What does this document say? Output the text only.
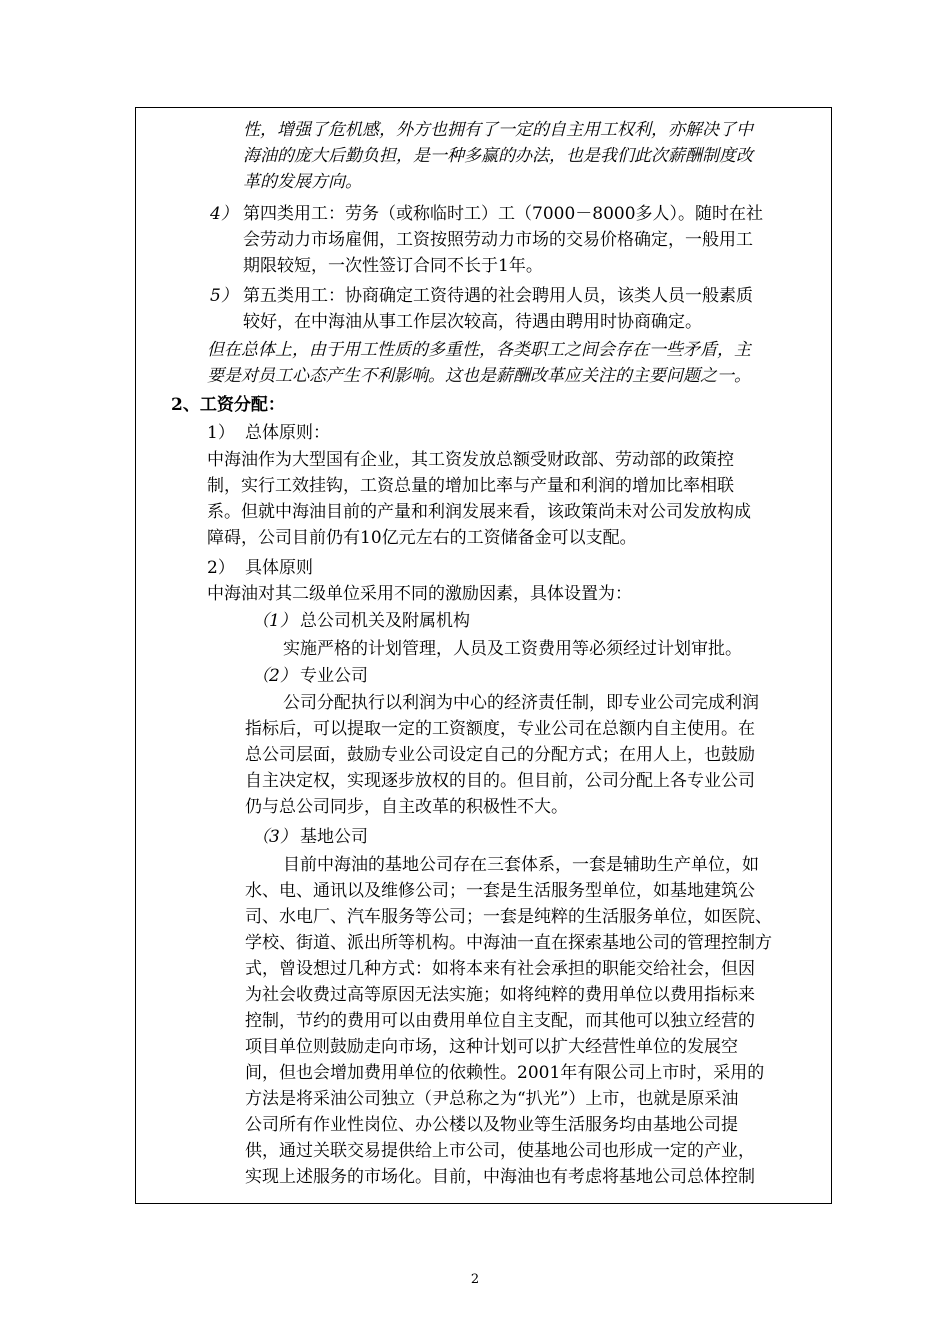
性，增强了危机感，外方也拥有了一定的自主用工权利，亦解决了中
海油的庞大后勤负担，是一种多赢的办法，也是我们此次薪酬制度改
革的发展方向。
4） 第四类用工：劳务（或称临时工）工（7000－8000多人）。随时在社
会劳动力市场雇佣，工资按照劳动力市场的交易价格确定，一般用工
期限较短，一次性签订合同不长于1年。
5） 第五类用工：协商确定工资待遇的社会聘用人员，该类人员一般素质
较好，在中海油从事工作层次较高，待遇由聘用时协商确定。
但在总体上，由于用工性质的多重性，各类职工之间会存在一些矛盾，主
要是对员工心态产生不利影响。这也是薪酬改革应关注的主要问题之一。
2、工资分配：
1） 总体原则：
中海油作为大型国有企业，其工资发放总额受财政部、劳动部的政策控
制，实行工效挂钩，工资总量的增加比率与产量和利润的增加比率相联
系。但就中海油目前的产量和利润发展来看，该政策尚未对公司发放构成
障碍，公司目前仍有10亿元左右的工资储备金可以支配。
2） 具体原则
中海油对其二级单位采用不同的激励因素，具体设置为：
（1） 总公司机关及附属机构
实施严格的计划管理，人员及工资费用等必须经过计划审批。
（2） 专业公司
公司分配执行以利润为中心的经济责任制，即专业公司完成利润
指标后，可以提取一定的工资额度，专业公司在总额内自主使用。在
总公司层面，鼓励专业公司设定自己的分配方式；在用人上，也鼓励
自主决定权，实现逐步放权的目的。但目前，公司分配上各专业公司
仍与总公司同步，自主改革的积极性不大。
（3） 基地公司
目前中海油的基地公司存在三套体系，一套是辅助生产单位，如
水、电、通讯以及维修公司；一套是生活服务型单位，如基地建筑公
司、水电厂、汽车服务等公司；一套是纯粹的生活服务单位，如医院、
学校、街道、派出所等机构。中海油一直在探索基地公司的管理控制方
式，曾设想过几种方式：如将本来有社会承担的职能交给社会，但因
为社会收费过高等原因无法实施；如将纯粹的费用单位以费用指标来
控制，节约的费用可以由费用单位自主支配，而其他可以独立经营的
项目单位则鼓励走向市场，这种计划可以扩大经营性单位的发展空
间，但也会增加费用单位的依赖性。2001年有限公司上市时，采用的
方法是将采油公司独立（尹总称之为“扒光”）上市，也就是原采油
公司所有作业性岗位、办公楼以及物业等生活服务均由基地公司提
供，通过关联交易提供给上市公司，使基地公司也形成一定的产业，
实现上述服务的市场化。目前，中海油也有考虑将基地公司总体控制
2
